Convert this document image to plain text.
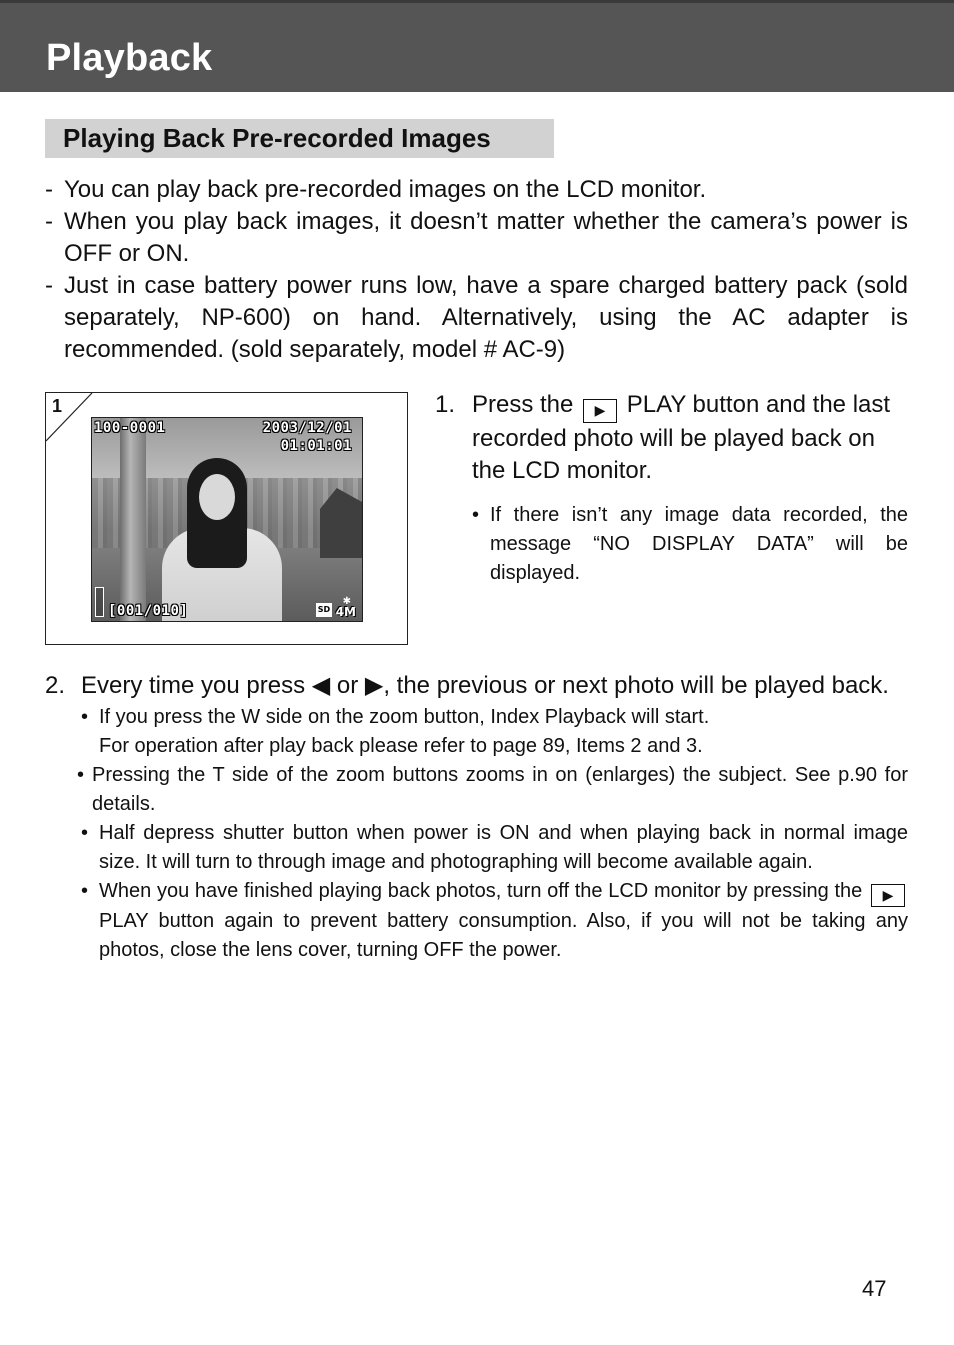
Playback
Playing Back Pre-recorded Images
- You can play back pre-recorded images on the LCD monitor.
- When you play back images, it doesn’t matter whether the camera’s power is OFF or ON.
- Just in case battery power runs low, have a spare charged battery pack (sold separately, NP-600) on hand. Alternatively, using the AC adapter is recommended. (sold separately, model # AC-9)
1
100-0001	2003/12/01
01:01:01
[001/010]	SD
✱
4M
1. Press the ▶ PLAY button and the last recorded photo will be played back on the LCD monitor.
• If there isn’t any image data recorded, the message “NO DISPLAY DATA” will be displayed.
2. Every time you press ◀ or ▶, the previous or next photo will be played back.
• If you press the W side on the zoom button, Index Playback will start.
For operation after play back please refer to page 89, Items 2 and 3.
• Pressing the T side of the zoom buttons zooms in on (enlarges) the subject. See p.90 for details.
• Half depress shutter button when power is ON and when playing back in normal image size. It will turn to through image and photographing will become available again.
• When you have finished playing back photos, turn off the LCD monitor by pressing the ▶ PLAY button again to prevent battery consumption. Also, if you will not be taking any photos, close the lens cover, turning OFF the power.
47
